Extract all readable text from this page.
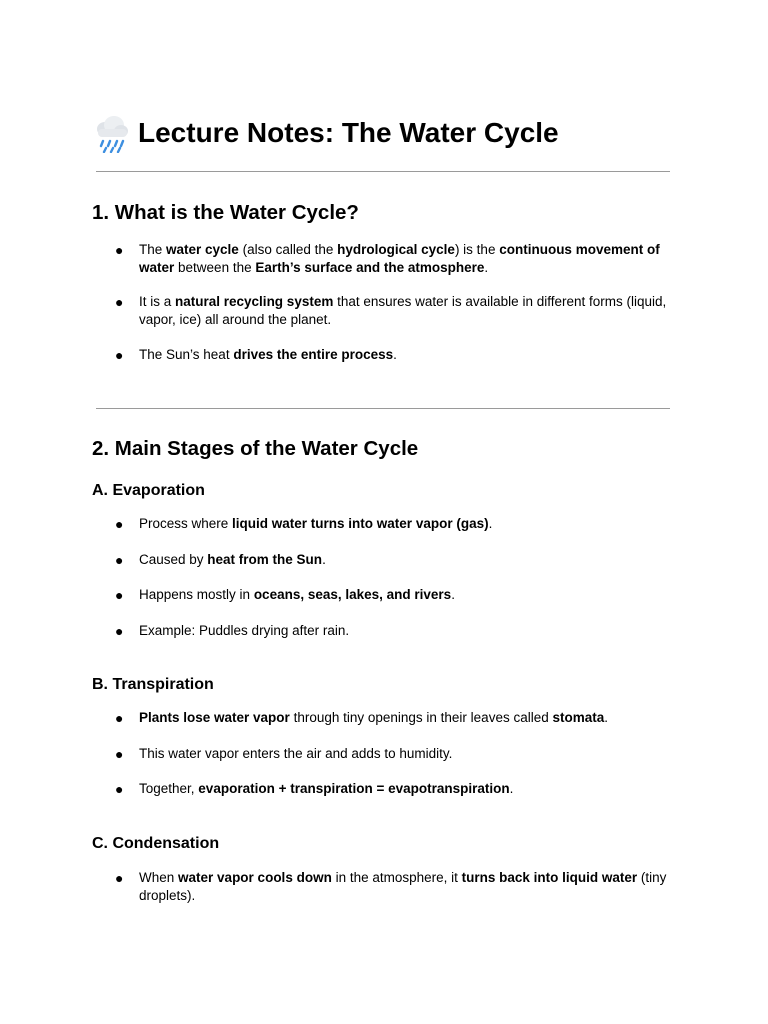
Lecture Notes: The Water Cycle
1. What is the Water Cycle?
● The water cycle (also called the hydrological cycle) is the continuous movement of water between the Earth’s surface and the atmosphere.
● It is a natural recycling system that ensures water is available in different forms (liquid, vapor, ice) all around the planet.
● The Sun’s heat drives the entire process.
2. Main Stages of the Water Cycle
A. Evaporation
● Process where liquid water turns into water vapor (gas).
● Caused by heat from the Sun.
● Happens mostly in oceans, seas, lakes, and rivers.
● Example: Puddles drying after rain.
B. Transpiration
● Plants lose water vapor through tiny openings in their leaves called stomata.
● This water vapor enters the air and adds to humidity.
● Together, evaporation + transpiration = evapotranspiration.
C. Condensation
● When water vapor cools down in the atmosphere, it turns back into liquid water (tiny droplets).
